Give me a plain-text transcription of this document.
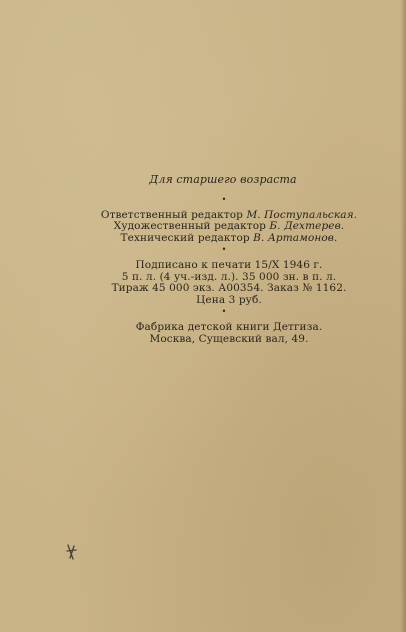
Для старшего возраста
•
Ответственный редактор М. Поступальская.
Художественный редактор Б. Дехтерев.
Технический редактор В. Артамонов.
•
Подписано к печати 15/X 1946 г.
5 п. л. (4 уч.-изд. л.). 35 000 зн. в п. л.
Тираж 45 000 экз. А00354. Заказ № 1162.
Цена 3 руб.
•
Фабрика детской книги Детгиза.
Москва, Сущевский вал, 49.
